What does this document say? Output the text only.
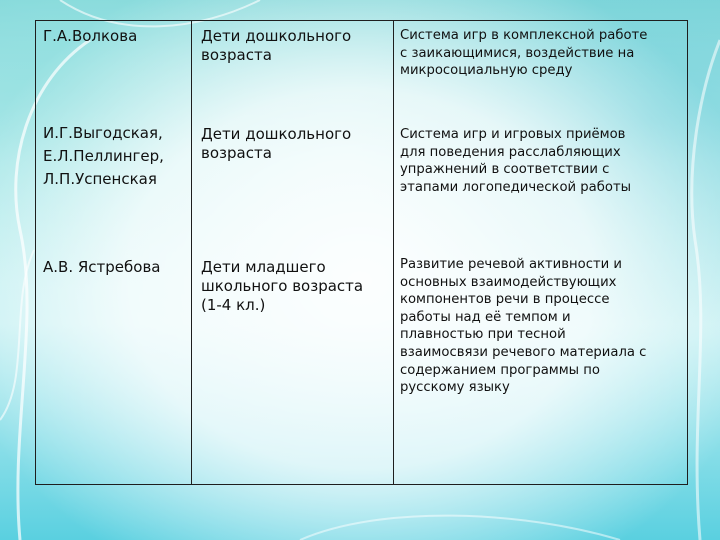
Г.А.Волкова	Дети дошкольного
возраста
Система игр в комплексной работе
с заикающимися, воздействие на
микросоциальную среду
И.Г.Выгодская,
Е.Л.Пеллингер,
Л.П.Успенская
Дети дошкольного
возраста
Система игр и игровых приёмов
для поведения расслабляющих
упражнений в соответствии с
этапами логопедической работы
А.В. Ястребова	Дети младшего
школьного возраста
(1-4 кл.)
Развитие речевой активности и
основных взаимодействующих
компонентов речи в процессе
работы над её темпом и
плавностью при тесной
взаимосвязи речевого материала с
содержанием программы по
русскому языку
